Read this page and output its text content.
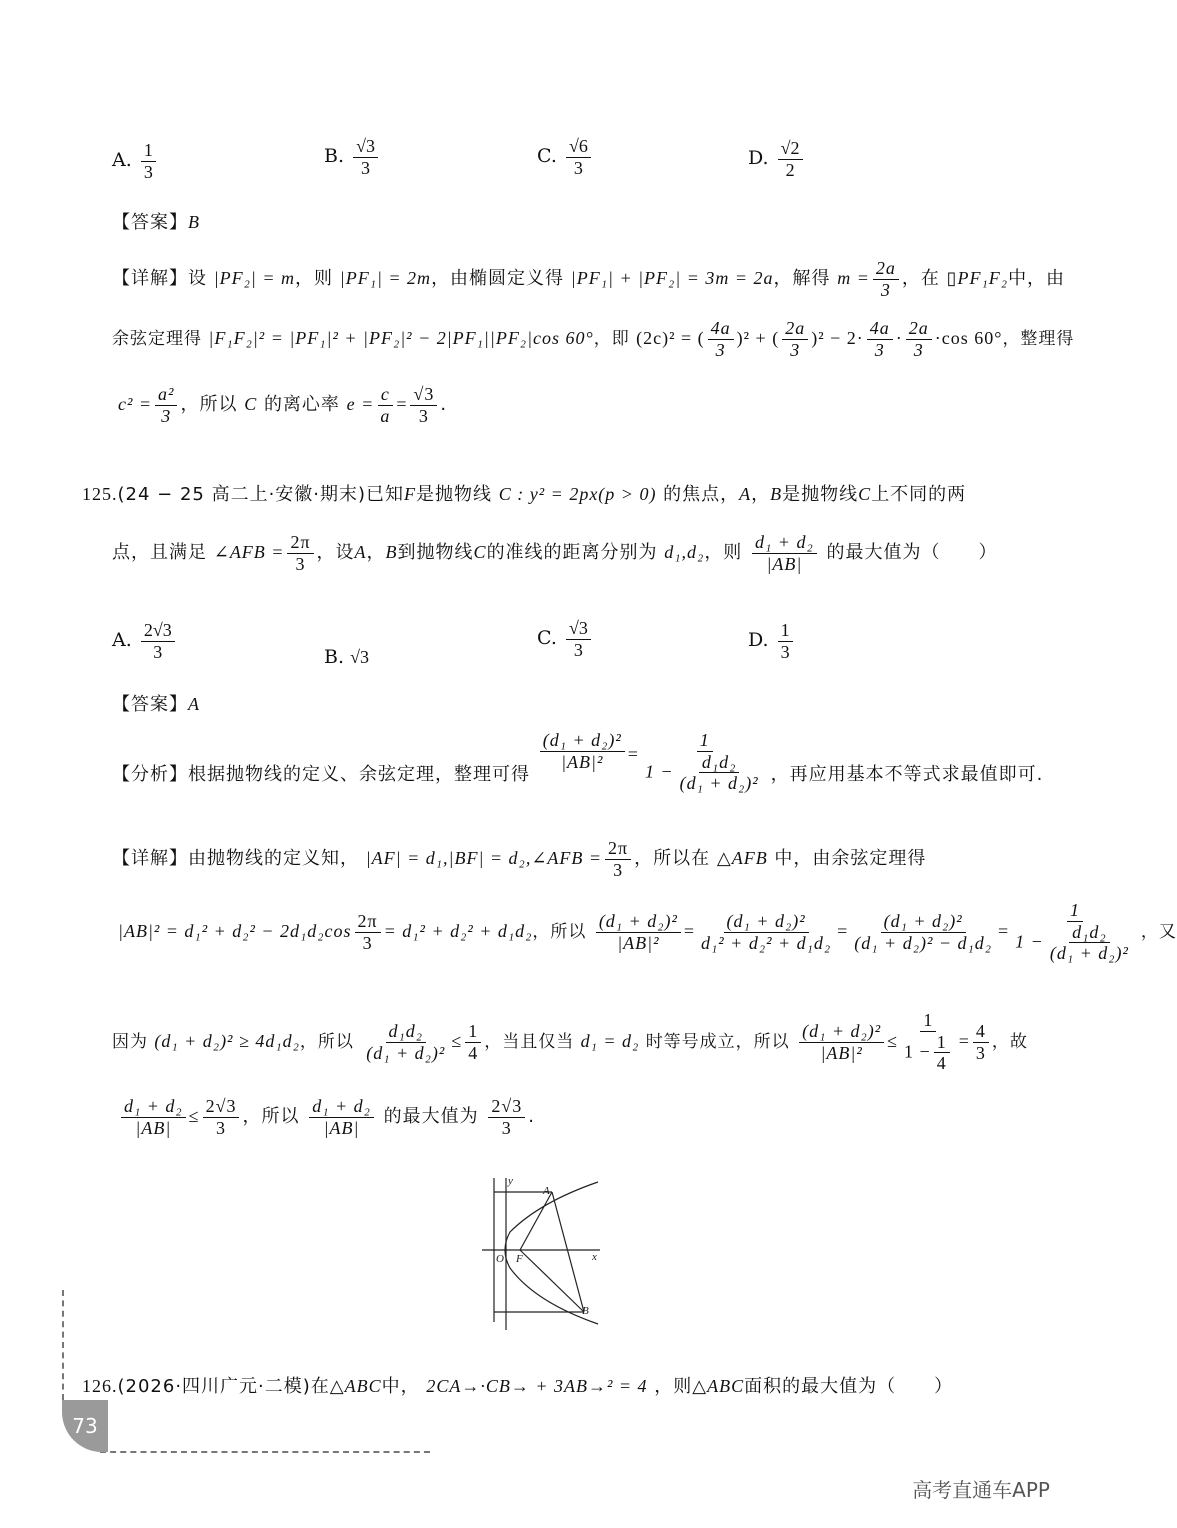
A. $\frac{1}{3}$	B. $\frac{√3}{3}$	C. $\frac{√6}{3}$	D. $\frac{√2}{2}$
【答案】B
【详解】设 |PF₂| = m，则 |PF₁| = 2m，由椭圆定义得 |PF₁| + |PF₂| = 3m = 2a，解得 $m = \frac{2a}{3}$ ，在 ▯PF₁F₂中，由
余弦定理得 |F₁F₂|² = |PF₁|² + |PF₂|² − 2|PF₁||PF₂|cos 60°，即 (2c)² = ( $\frac{4a}{3} )^2$ + ( $\frac{2a}{3} )^2 - 2\cdot \frac{4a}{3} \cdot \frac{2a}{3} \cdot\cos$ 60°，整理得
$c^2 = \frac{\text{a²}}{3}$ ，所以 C 的离心率 $e = \frac{c}{a} = \frac{√3}{3}$ .
125.(24 − 25 高二上·安徽·期末)已知F是抛物线 C : y² = 2px(p > 0) 的焦点，A，B是抛物线C上不同的两
点，且满足 ∠AFB = $\frac{2\pi}{3}$ ，设A，B到抛物线C的准线的距离分别为 d₁,d₂，则 $\frac{\text{d₁ + d₂}}{|AB|}$ 的最大值为（　　）
A. $\frac{2√3}{3}$	B. √3
C. $\frac{√3}{3}$	D. $\frac{1}{3}$
【答案】A
【分析】根据抛物线的定义、余弦定理，整理可得
$\frac{\text{(d₁ + d₂)²}}{\text{|AB|²}} = \frac{1}{1 - \frac{\text{d₁d₂}}{\text{(d₁ + d₂)²}}}$ ，再应用基本不等式求最值即可.
【详解】由抛物线的定义知， |AF| = d₁,|BF| = d₂,∠AFB = $\frac{2\pi}{3}$ ，所以在 △AFB 中，由余弦定理得
$|AB|^2 = d_1^2 + d_2^2 - 2d_1d_2\cos \frac{2\pi}{3} = d_1^2 + d_2^2 + d_1d_2$，所以 $\frac{\text{(d₁ + d₂)²}}{\text{|AB|²}} = \frac{\text{(d₁ + d₂)²}}{\text{d₁² + d₂² + d₁d₂}} = \frac{\text{(d₁ + d₂)²}}{\text{(d₁ + d₂)² − d₁d₂}} = \frac{1}{1 - \frac{\text{d₁d₂}}{\text{(d₁ + d₂)²}}}$ ，又
因为 (d₁ + d₂)² ≥ 4d₁d₂，所以 $\frac{\text{d₁d₂}}{\text{(d₁ + d₂)²}} \le \frac{1}{4}$ ，当且仅当 d₁ = d₂ 时等号成立，所以 $\frac{\text{(d₁ + d₂)²}}{\text{|AB|²}} \le \frac{1}{1 - \frac{1}{4}} = \frac{4}{3}$ ，故
$\frac{\text{d₁ + d₂}}{|AB|} \le \frac{2√3}{3}$ ，所以 $\frac{\text{d₁ + d₂}}{|AB|}$ 的最大值为 $\frac{2√3}{3}$ .
y
x
O F
A
B
126.(2026·四川广元·二模)在△ABC中， 2CA→·CB→ + 3AB→² = 4 ，则△ABC面积的最大值为（　　）
73
高考直通车APP
